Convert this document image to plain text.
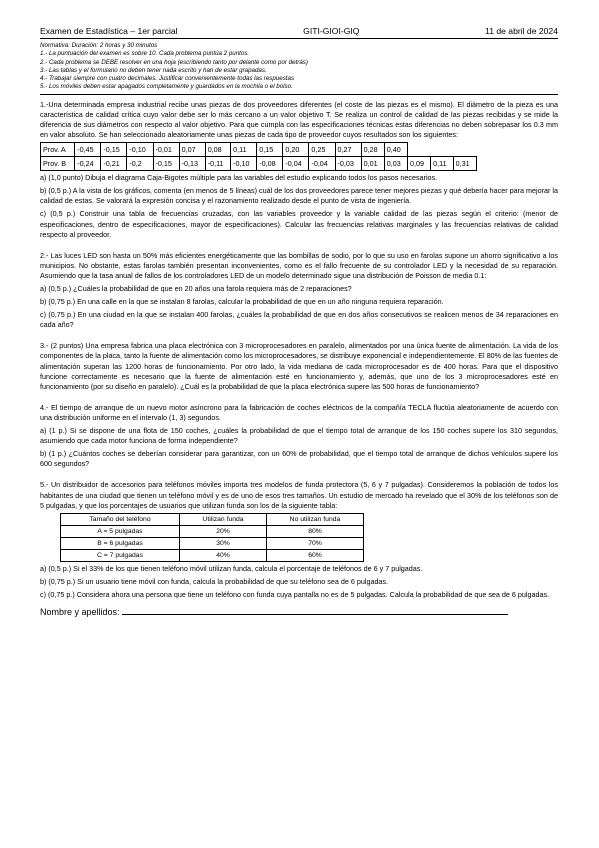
Examen de Estadística – 1er parcial	GITI-GIOI-GIQ	11 de abril de 2024
Normativa: Duración: 2 horas y 30 minutos
1.- La puntuación del examen es sobre 10. Cada problema puntúa 2 puntos.
2.- Cada problema se DEBE resolver en una hoja (escribiendo tanto por delante como por detrás)
3.- Las tablas y el formulario no deben tener nada escrito y han de estar grapadas.
4.- Trabajar siempre con cuatro decimales. Justificar convenientemente todas las respuestas
5.- Los móviles deben estar apagados completamente y guardados en la mochila o el bolso.

1.-Una determinada empresa industrial recibe unas piezas de dos proveedores diferentes (el coste de las piezas es el mismo). El diámetro de la pieza es una característica de calidad crítica cuyo valor debe ser lo más cercano a un valor objetivo T. Se realiza un control de calidad de las piezas recibidas y se mide la diferencia de sus diámetros con respecto al valor objetivo. Para que cumpla con las especificaciones técnicas estas diferencias no deben sobrepasar los 0.3 mm en valor absoluto. Se han seleccionado aleatoriamente unas piezas de cada tipo de proveedor cuyos resultados son los siguientes:

Prov. A	-0,45	-0,15	-0,10	-0,01	0,07	0,08	0,11	0,15	0,20	0,25	0,27	0,28	0,40			
Prov. B	-0,24	-0,21	-0,2	-0,15	-0,13	-0,11	-0,10	-0,08	-0,04	-0,04	-0,03	0,01	0,03	0,09	0,11	0,31

a) (1,0 punto) Dibuja el diagrama Caja-Bigotes múltiple para las variables del estudio explicando todos los pasos necesarios.

b) (0,5 p.) A la vista de los gráficos, comenta (en menos de 5 líneas) cuál de los dos proveedores parece tener mejores piezas y qué debería hacer para mejorar la calidad de estas. Se valorará la expresión concisa y el razonamiento realizado desde el punto de vista de ingeniería.

c) (0,5 p.) Construir una tabla de frecuencias cruzadas, con las variables proveedor y la variable calidad de las piezas según el criterio: (menor de especificaciones, dentro de especificaciones, mayor de especificaciones). Calcular las frecuencias relativas marginales y las frecuencias relativas de calidad respecto al proveedor.

2.- Las luces LED son hasta un 50% más eficientes energéticamente que las bombillas de sodio, por lo que su uso en farolas supone un ahorro significativo a los municipios. No obstante, estas farolas también presentan inconvenientes, como es el fallo frecuente de su controlador LED y la necesidad de su reparación. Asumiendo que la tasa anual de fallos de los controladores LED de un modelo determinado sigue una distribución de Poisson de media 0.1:

a) (0,5 p.) ¿Cuáles la probabilidad de que en 20 años una farola requiera más de 2 reparaciones?

b) (0,75 p.) En una calle en la que se instalan 8 farolas, calcular la probabilidad de que en un año ninguna requiera reparación.

c) (0,75 p.) En una ciudad en la que se instalan 400 farolas, ¿cuáles la probabilidad de que en dos años consecutivos se realicen menos de 34 reparaciones en cada año?

3.- (2 puntos) Una empresa fabrica una placa electrónica con 3 microprocesadores en paralelo, alimentados por una única fuente de alimentación. La vida de los componentes de la placa, tanto la fuente de alimentación como los microprocesadores, se distribuye exponencial e independientemente. El 80% de las fuentes de alimentación superan las 1200 horas de funcionamiento. Por otro lado, la vida mediana de cada microprocesador es de 400 horas. Para que el dispositivo funcione correctamente es necesario que la fuente de alimentación esté en funcionamiento y, además, que uno de los 3 microprocesadores esté en funcionamiento (por su diseño en paralelo). ¿Cuál es la probabilidad de que la placa electrónica supere las 500 horas de funcionamiento?

4.- El tiempo de arranque de un nuevo motor asíncrono para la fabricación de coches eléctricos de la compañía TECLA fluctúa aleatoriamente de acuerdo con una distribución uniforme en el intervalo (1, 3) segundos.

a) (1 p.) Si se dispone de una flota de 150 coches, ¿cuáles la probabilidad de que el tiempo total de arranque de los 150 coches supere los 310 segundos, asumiendo que cada motor funciona de forma independiente?

b) (1 p.) ¿Cuántos coches se deberían considerar para garantizar, con un 60% de probabilidad, que el tiempo total de arranque de dichos vehículos supere los 600 segundos?

5.- Un distribuidor de accesorios para teléfonos móviles importa tres modelos de funda protectora (5, 6 y 7 pulgadas). Consideremos la población de todos los habitantes de una ciudad que tienen un teléfono móvil y es de uno de esos tres tamaños. Un estudio de mercado ha revelado que el 30% de los teléfonos son de 5 pulgadas, y que los porcentajes de usuarios que utilizan funda son los de la siguiente tabla:

Tamaño del teléfono	Utilizan funda	No utilizan funda
A = 5 pulgadas	20%	80%
B = 6 pulgadas	30%	70%
C = 7 pulgadas	40%	60%

a) (0,5 p.) Si el 33% de los que tienen teléfono móvil utilizan funda, calcula el porcentaje de teléfonos de 6 y 7 pulgadas.

b) (0,75 p.) Si un usuario tiene móvil con funda, calcula la probabilidad de que su teléfono sea de 6 pulgadas.

c) (0,75 p.) Considera ahora una persona que tiene un teléfono con funda cuya pantalla no es de 5 pulgadas. Calcula la probabilidad de que sea de 6 pulgadas.

Nombre y apellidos:
